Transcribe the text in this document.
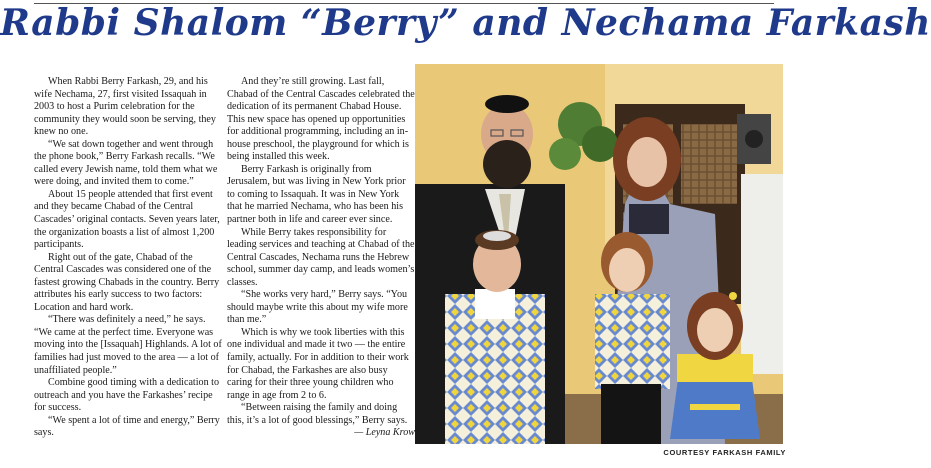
Rabbi Shalom “Berry” and Nechama Farkash

When Rabbi Berry Farkash, 29, and his wife Nechama, 27, first visited Issaquah in 2003 to host a Purim celebration for the community they would soon be serving, they knew no one.

“We sat down together and went through the phone book,” Berry Farkash recalls. “We called every Jewish name, told them what we were doing, and invited them to come.”

About 15 people attended that first event and they became Chabad of the Central Cascades’ original contacts. Seven years later, the organization boasts a list of almost 1,200 participants.

Right out of the gate, Chabad of the Central Cascades was considered one of the fastest growing Chabads in the country. Berry attributes his early success to two factors: Location and hard work.

“There was definitely a need,” he says. “We came at the perfect time. Everyone was moving into the [Issaquah] Highlands. A lot of families had just moved to the area — a lot of unaffiliated people.”

Combine good timing with a dedication to outreach and you have the Farkashes’ recipe for success.

“We spent a lot of time and energy,” Berry says.

And they’re still growing. Last fall, Chabad of the Central Cascades celebrated the dedication of its permanent Chabad House. This new space has opened up opportunities for additional programming, including an in-house preschool, the playground for which is being installed this week.

Berry Farkash is originally from Jerusalem, but was living in New York prior to coming to Issaquah. It was in New York that he married Nechama, who has been his partner both in life and career ever since.

While Berry takes responsibility for leading services and teaching at Chabad of the Central Cascades, Nechama runs the Hebrew school, summer day camp, and leads women’s classes.

“She works very hard,” Berry says. “You should maybe write this about my wife more than me.”

Which is why we took liberties with this one individual and made it two — the entire family, actually. For in addition to their work for Chabad, the Farkashes are also busy caring for their three young children who range in age from 2 to 6.

“Between raising the family and doing this, it’s a lot of good blessings,” Berry says.

— Leyna Krow

COURTESY FARKASH FAMILY
